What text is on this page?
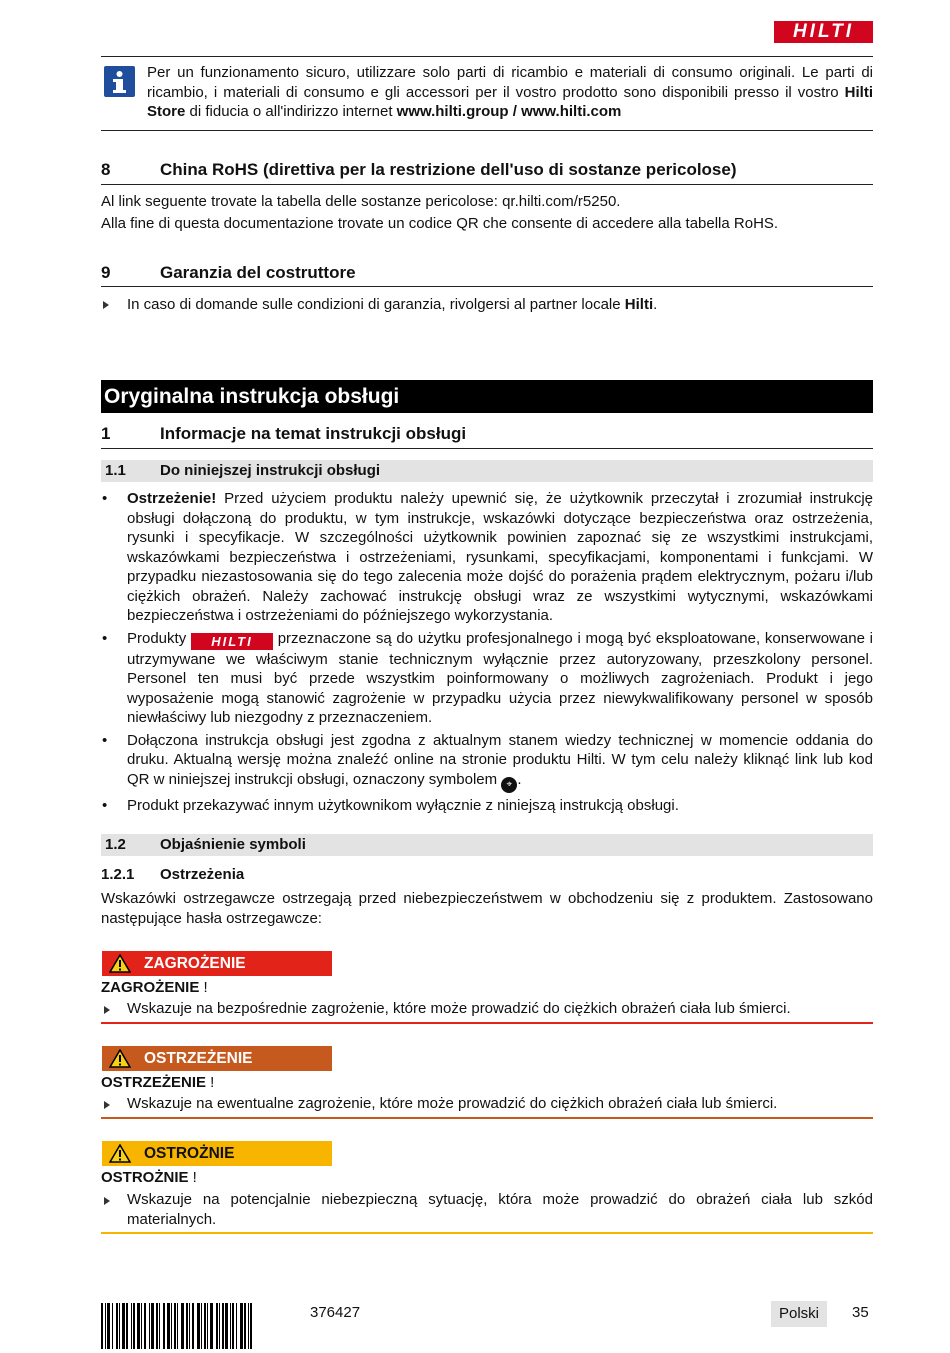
HILTI
Per un funzionamento sicuro, utilizzare solo parti di ricambio e materiali di consumo originali. Le parti di ricambio, i materiali di consumo e gli accessori per il vostro prodotto sono disponibili presso il vostro Hilti Store di fiducia o all'indirizzo internet www.hilti.group / www.hilti.com
8	China RoHS (direttiva per la restrizione dell'uso di sostanze pericolose)
Al link seguente trovate la tabella delle sostanze pericolose: qr.hilti.com/r5250.
Alla fine di questa documentazione trovate un codice QR che consente di accedere alla tabella RoHS.
9	Garanzia del costruttore
In caso di domande sulle condizioni di garanzia, rivolgersi al partner locale Hilti.
Oryginalna instrukcja obsługi
1	Informacje na temat instrukcji obsługi
1.1 Do niniejszej instrukcji obsługi
• Ostrzeżenie! Przed użyciem produktu należy upewnić się, że użytkownik przeczytał i zrozumiał instrukcję obsługi dołączoną do produktu, w tym instrukcje, wskazówki dotyczące bezpieczeństwa oraz ostrzeżenia, rysunki i specyfikacje. W szczególności użytkownik powinien zapoznać się ze wszystkimi instrukcjami, wskazówkami bezpieczeństwa i ostrzeżeniami, rysunkami, specyfikacjami, komponentami i funkcjami. W przypadku niezastosowania się do tego zalecenia może dojść do porażenia prądem elektrycznym, pożaru i/lub ciężkich obrażeń. Należy zachować instrukcję obsługi wraz ze wszystkimi wytycznymi, wskazówkami bezpieczeństwa i ostrzeżeniami do późniejszego wykorzystania.
• Produkty HILTI przeznaczone są do użytku profesjonalnego i mogą być eksploatowane, konserwowane i utrzymywane we właściwym stanie technicznym wyłącznie przez autoryzowany, przeszkolony personel. Personel ten musi być przede wszystkim poinformowany o możliwych zagrożeniach. Produkt i jego wyposażenie mogą stanowić zagrożenie w przypadku użycia przez niewykwalifikowany personel w sposób niewłaściwy lub niezgodny z przeznaczeniem.
• Dołączona instrukcja obsługi jest zgodna z aktualnym stanem wiedzy technicznej w momencie oddania do druku. Aktualną wersję można znaleźć online na stronie produktu Hilti. W tym celu należy kliknąć link lub kod QR w niniejszej instrukcji obsługi, oznaczony symbolem ⌖ .
• Produkt przekazywać innym użytkownikom wyłącznie z niniejszą instrukcją obsługi.
1.2 Objaśnienie symboli
1.2.1 Ostrzeżenia
Wskazówki ostrzegawcze ostrzegają przed niebezpieczeństwem w obchodzeniu się z produktem. Zastosowano następujące hasła ostrzegawcze:
ZAGROŻENIE
ZAGROŻENIE !
Wskazuje na bezpośrednie zagrożenie, które może prowadzić do ciężkich obrażeń ciała lub śmierci.
OSTRZEŻENIE
OSTRZEŻENIE !
Wskazuje na ewentualne zagrożenie, które może prowadzić do ciężkich obrażeń ciała lub śmierci.
OSTROŻNIE
OSTROŻNIE !
Wskazuje na potencjalnie niebezpieczną sytuację, która może prowadzić do obrażeń ciała lub szkód materialnych.
376427	Polski	35
